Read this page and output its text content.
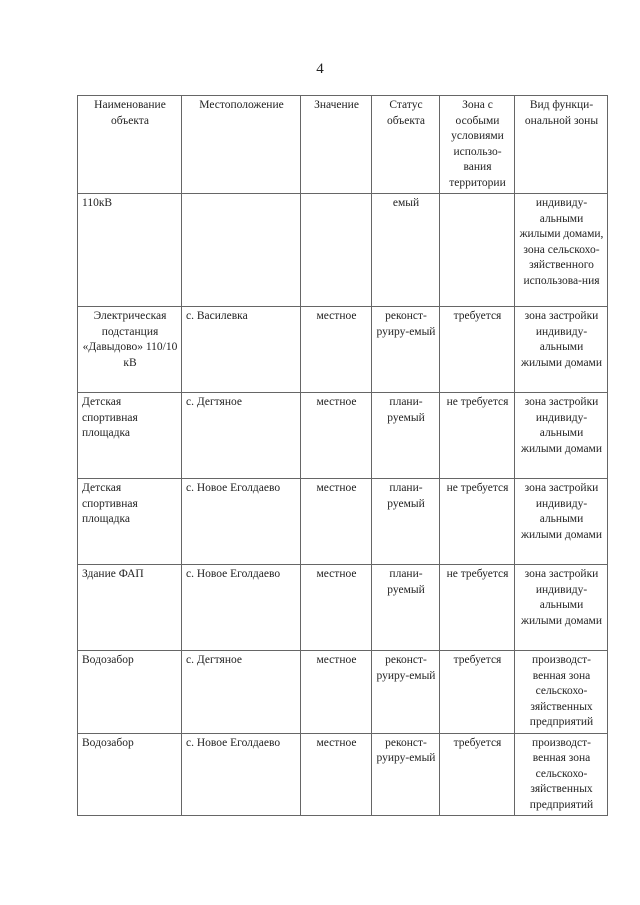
4
Наименование объекта	Местоположение	Значение	Статус объекта	Зона с особыми условиями использо-вания территории	Вид функци-ональной зоны
110кВ			емый		индивиду-альными жилыми домами, зона сельскохо-зяйственного использова-ния
Электрическая подстанция «Давыдово» 110/10 кВ	с. Василевка	местное	реконст-руиру-емый	требуется	зона застройки индивиду-альными жилыми домами
Детская спортивная площадка	с. Дегтяное	местное	плани-руемый	не требуется	зона застройки индивиду-альными жилыми домами
Детская спортивная площадка	с. Новое Еголдаево	местное	плани-руемый	не требуется	зона застройки индивиду-альными жилыми домами
Здание ФАП	с. Новое Еголдаево	местное	плани-руемый	не требуется	зона застройки индивиду-альными жилыми домами
Водозабор	с. Дегтяное	местное	реконст-руиру-емый	требуется	производст-венная зона сельскохо-зяйственных предприятий
Водозабор	с. Новое Еголдаево	местное	реконст-руиру-емый	требуется	производст-венная зона сельскохо-зяйственных предприятий
